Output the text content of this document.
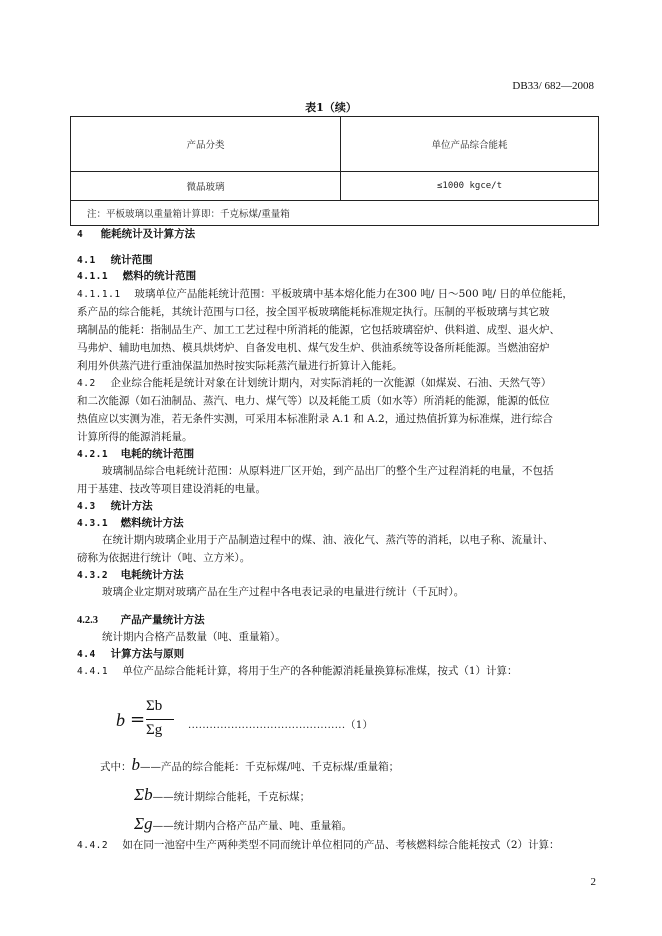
DB33/ 682—2008
表1（续）
产品分类	单位产品综合能耗
微晶玻璃	≤1000 kgce/t
注：平板玻璃以重量箱计算即：千克标煤/重量箱	
4 能耗统计及计算方法
4.1 统计范围
4.1.1 燃料的统计范围
4.1.1.1 玻璃单位产品能耗统计范围：平板玻璃中基本熔化能力在300 吨/ 日～500 吨/ 日的单位能耗，
系产品的综合能耗，其统计范围与口径，按全国平板玻璃能耗标准规定执行。压制的平板玻璃与其它玻
璃制品的能耗：指制品生产、加工工艺过程中所消耗的能源，它包括玻璃窑炉、供料道、成型、退火炉、
马弗炉、辅助电加热、模具烘烤炉、自备发电机、煤气发生炉、供油系统等设备所耗能源。当燃油窑炉
利用外供蒸汽进行重油保温加热时按实际耗蒸汽量进行折算计入能耗。
4.2 企业综合能耗是统计对象在计划统计期内，对实际消耗的一次能源（如煤炭、石油、天然气等）
和二次能源（如石油制品、蒸汽、电力、煤气等）以及耗能工质（如水等）所消耗的能源，能源的低位
热值应以实测为准，若无条件实测，可采用本标准附录 A.1 和 A.2，通过热值折算为标准煤，进行综合
计算所得的能源消耗量。
4.2.1 电耗的统计范围
玻璃制品综合电耗统计范围：从原料进厂区开始，到产品出厂的整个生产过程消耗的电量，不包括
用于基建、技改等项目建设消耗的电量。
4.3 统计方法
4.3.1 燃料统计方法
在统计期内玻璃企业用于产品制造过程中的煤、油、液化气、蒸汽等的消耗，以电子称、流量计、
磅称为依据进行统计（吨、立方米）。
4.3.2 电耗统计方法
玻璃企业定期对玻璃产品在生产过程中各电表记录的电量进行统计（千瓦时）。
4.2.3 产品产量统计方法
统计期内合格产品数量（吨、重量箱）。
4.4 计算方法与原则
4.4.1 单位产品综合能耗计算，将用于生产的各种能源消耗量换算标准煤，按式（1）计算：
b =
Σb
Σg	............................................（1）
式中：b——产品的综合能耗：千克标煤/吨、千克标煤/重量箱；
Σb——统计期综合能耗，千克标煤；
Σg——统计期内合格产品产量、吨、重量箱。
4.4.2 如在同一池窑中生产两种类型不同而统计单位相同的产品、考核燃料综合能耗按式（2）计算：
2
